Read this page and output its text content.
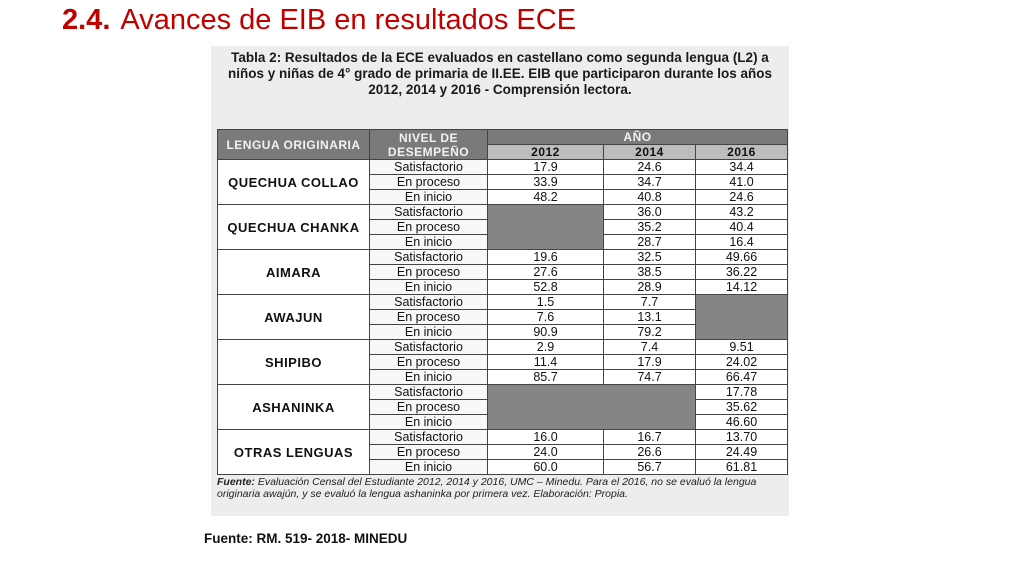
2.4. Avances de EIB en resultados ECE
Tabla 2: Resultados de la ECE evaluados en castellano como segunda lengua (L2) a niños y niñas de 4° grado de primaria de II.EE. EIB que participaron durante los años 2012, 2014 y 2016 - Comprensión lectora.
LENGUA ORIGINARIA	NIVEL DE DESEMPEÑO	AÑO		
		2012	2014	2016
QUECHUA COLLAO	Satisfactorio	17.9	24.6	34.4
	En proceso	33.9	34.7	41.0
	En inicio	48.2	40.8	24.6
QUECHUA CHANKA	Satisfactorio		36.0	43.2
	En proceso		35.2	40.4
	En inicio		28.7	16.4
AIMARA	Satisfactorio	19.6	32.5	49.66
	En proceso	27.6	38.5	36.22
	En inicio	52.8	28.9	14.12
AWAJUN	Satisfactorio	1.5	7.7	
	En proceso	7.6	13.1	
	En inicio	90.9	79.2	
SHIPIBO	Satisfactorio	2.9	7.4	9.51
	En proceso	11.4	17.9	24.02
	En inicio	85.7	74.7	66.47
ASHANINKA	Satisfactorio			17.78
	En proceso			35.62
	En inicio			46.60
OTRAS LENGUAS	Satisfactorio	16.0	16.7	13.70
	En proceso	24.0	26.6	24.49
	En inicio	60.0	56.7	61.81
Fuente: Evaluación Censal del Estudiante 2012, 2014 y 2016, UMC – Minedu. Para el 2016, no se evaluó la lengua originaria awajún, y se evaluó la lengua ashaninka por primera vez. Elaboración: Propia.
Fuente: RM. 519- 2018- MINEDU
